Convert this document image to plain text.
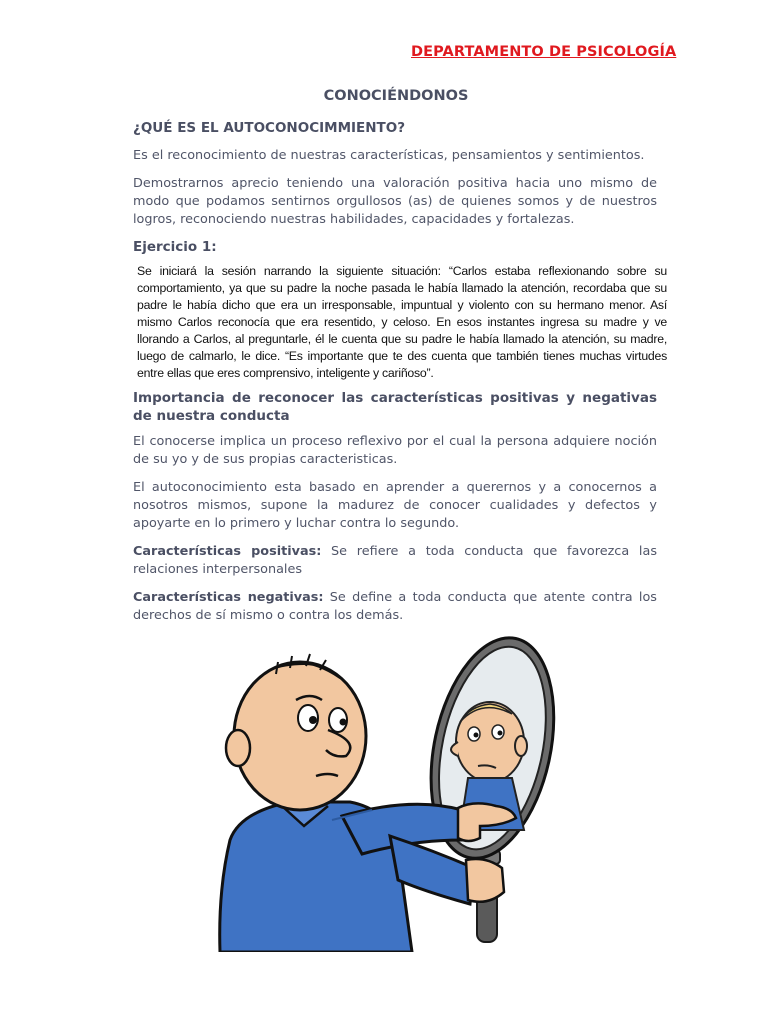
DEPARTAMENTO DE PSICOLOGÍA
CONOCIÉNDONOS
¿QUÉ ES EL AUTOCONOCIMMIENTO?
Es el reconocimiento de nuestras características, pensamientos y sentimientos.
Demostrarnos aprecio teniendo una valoración positiva hacia uno mismo de modo que podamos sentirnos orgullosos (as) de quienes somos y de nuestros logros, reconociendo nuestras habilidades, capacidades y fortalezas.
Ejercicio 1:
Se iniciará la sesión narrando la siguiente situación: “Carlos estaba reflexionando sobre su comportamiento, ya que su padre la noche pasada le había llamado la atención, recordaba que su padre le había dicho que era un irresponsable, impuntual y violento con su hermano menor. Así mismo Carlos reconocía que era resentido, y celoso. En esos instantes ingresa su madre y ve llorando a Carlos, al preguntarle, él le cuenta que su padre le había llamado la atención, su madre, luego de calmarlo, le dice. “Es importante que te des cuenta que también tienes muchas virtudes entre ellas que eres comprensivo, inteligente y cariñoso”.
Importancia de reconocer las características positivas y negativas de nuestra conducta
El conocerse implica un proceso reflexivo por el cual la persona adquiere noción de su yo y de sus propias caracteristicas.
El autoconocimiento esta basado en aprender a querernos y a conocernos a nosotros mismos, supone la madurez de conocer cualidades y defectos y apoyarte en lo primero y luchar contra lo segundo.
Características positivas: Se refiere a toda conducta que favorezca las relaciones interpersonales
Características negativas: Se define a toda conducta que atente contra los derechos de sí mismo o contra los demás.
